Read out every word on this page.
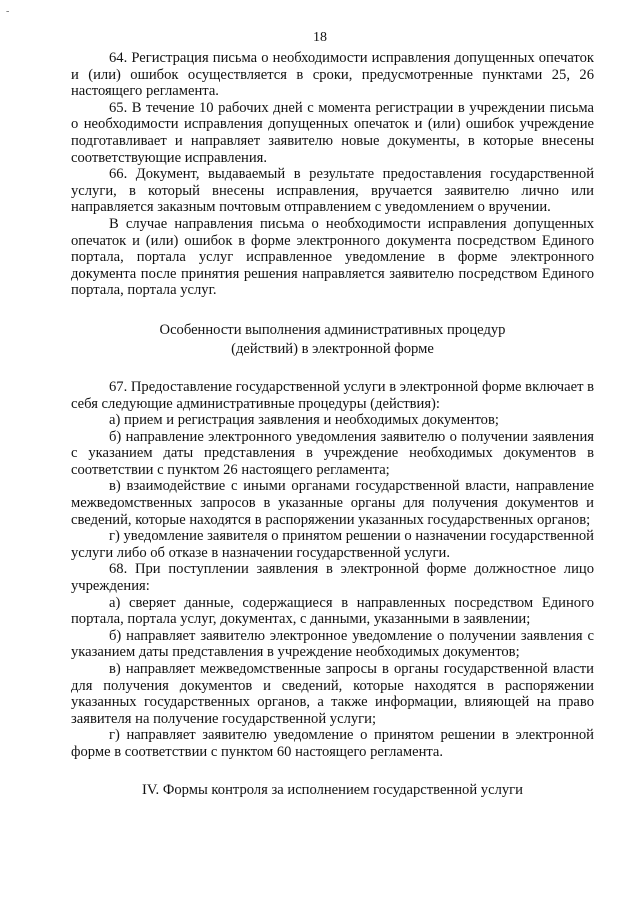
-
18

64. Регистрация письма о необходимости исправления допущенных опечаток и (или) ошибок осуществляется в сроки, предусмотренные пунктами 25, 26 настоящего регламента.

65. В течение 10 рабочих дней с момента регистрации в учреждении письма о необходимости исправления допущенных опечаток и (или) ошибок учреждение подготавливает и направляет заявителю новые документы, в которые внесены соответствующие исправления.

66. Документ, выдаваемый в результате предоставления государственной услуги, в который внесены исправления, вручается заявителю лично или направляется заказным почтовым отправлением с уведомлением о вручении.

В случае направления письма о необходимости исправления допущенных опечаток и (или) ошибок в форме электронного документа посредством Единого портала, портала услуг исправленное уведомление в форме электронного документа после принятия решения направляется заявителю посредством Единого портала, портала услуг.

Особенности выполнения административных процедур
(действий) в электронной форме

67. Предоставление государственной услуги в электронной форме включает в себя следующие административные процедуры (действия):

а) прием и регистрация заявления и необходимых документов;

б) направление электронного уведомления заявителю о получении заявления с указанием даты представления в учреждение необходимых документов в соответствии с пунктом 26 настоящего регламента;

в) взаимодействие с иными органами государственной власти, направление межведомственных запросов в указанные органы для получения документов и сведений, которые находятся в распоряжении указанных государственных органов;

г) уведомление заявителя о принятом решении о назначении государственной услуги либо об отказе в назначении государственной услуги.

68. При поступлении заявления в электронной форме должностное лицо учреждения:

а) сверяет данные, содержащиеся в направленных посредством Единого портала, портала услуг, документах, с данными, указанными в заявлении;

б) направляет заявителю электронное уведомление о получении заявления с указанием даты представления в учреждение необходимых документов;

в) направляет межведомственные запросы в органы государственной власти для получения документов и сведений, которые находятся в распоряжении указанных государственных органов, а также информации, влияющей на право заявителя на получение государственной услуги;

г) направляет заявителю уведомление о принятом решении в электронной форме в соответствии с пунктом 60 настоящего регламента.

IV. Формы контроля за исполнением государственной услуги
